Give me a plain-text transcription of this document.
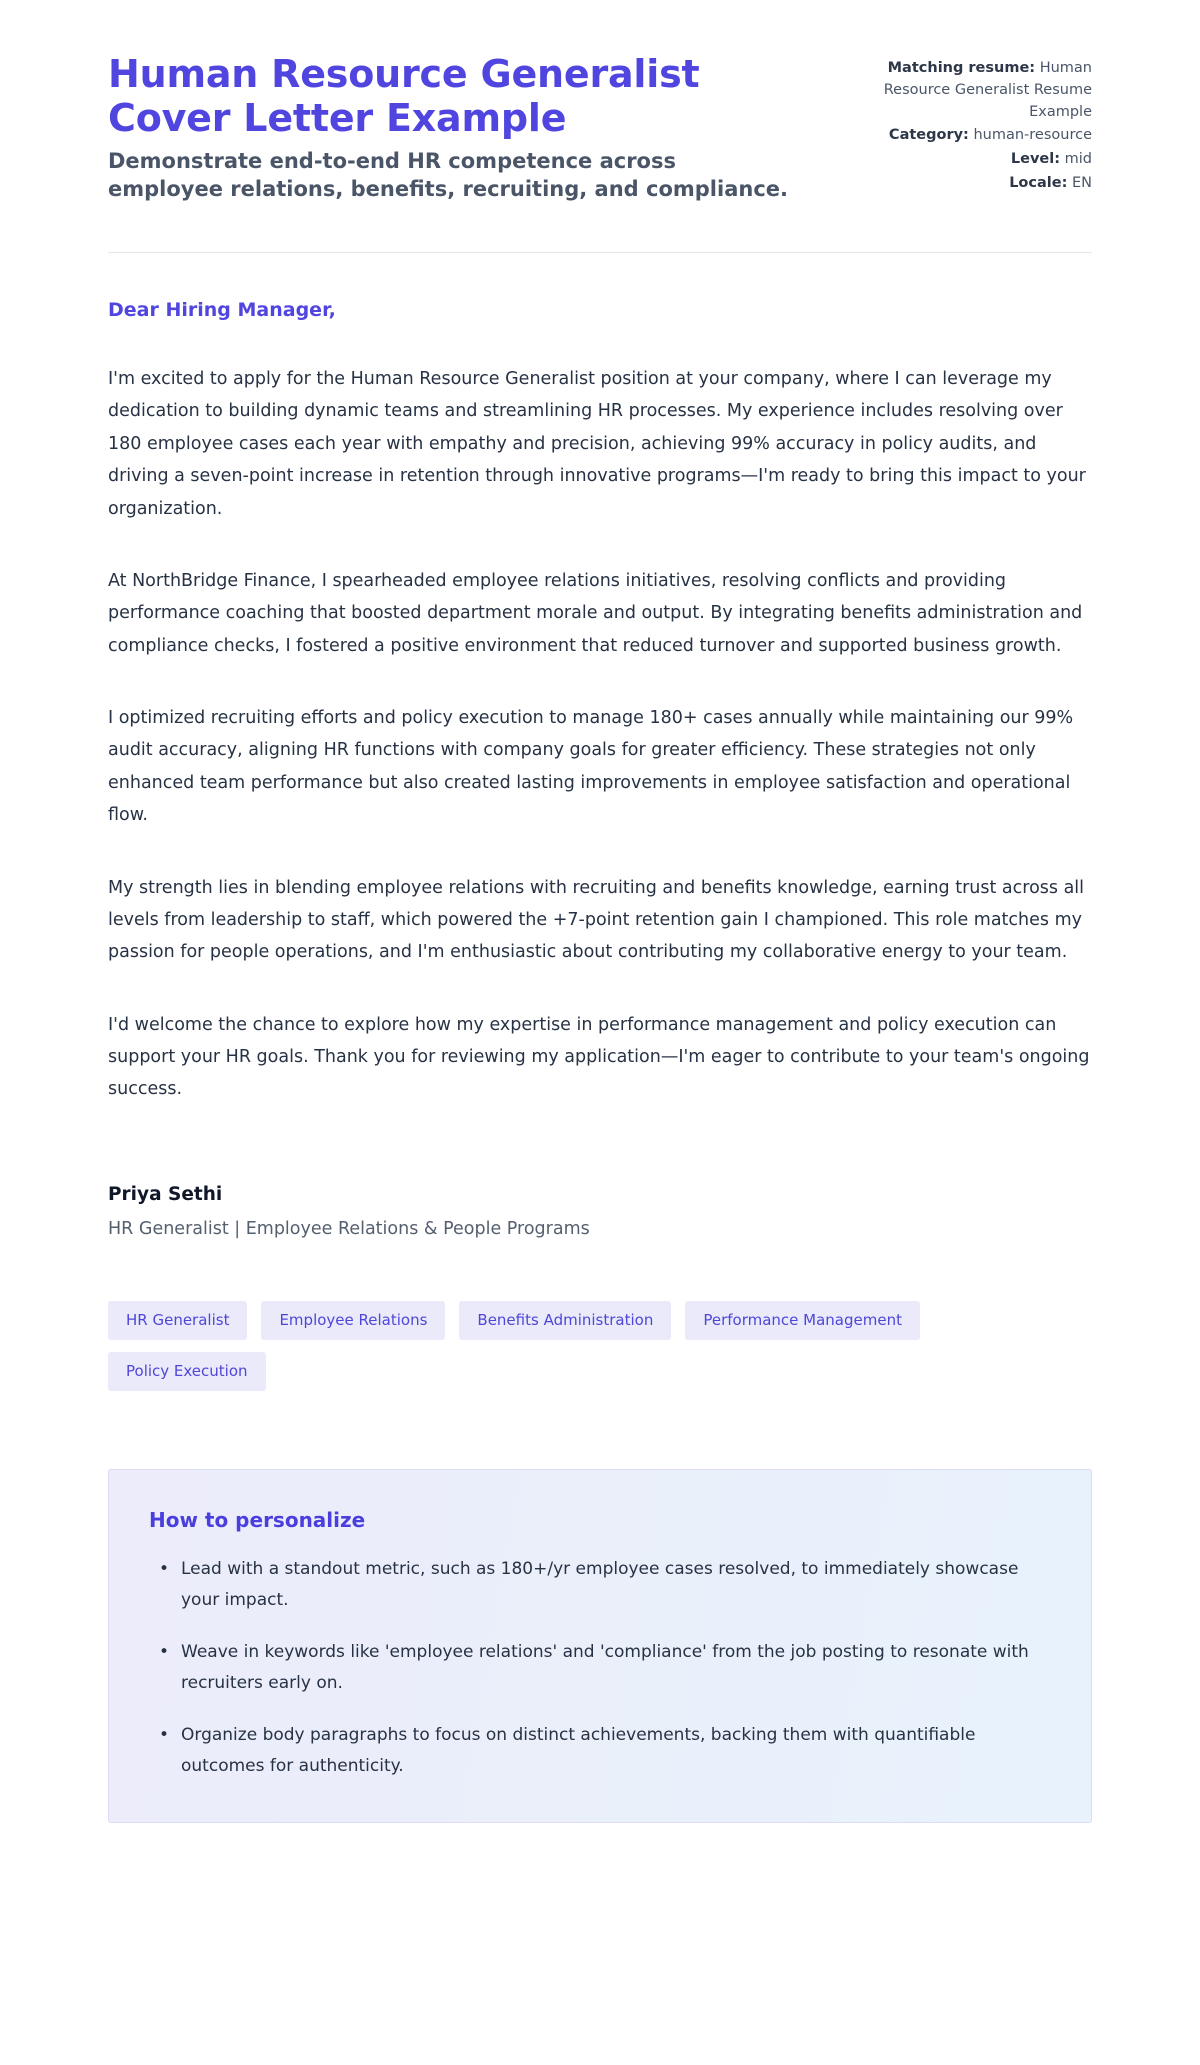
Human Resource Generalist Cover Letter Example

Demonstrate end-to-end HR competence across employee relations, benefits, recruiting, and compliance.

Matching resume: Human Resource Generalist Resume Example
Category: human-resource
Level: mid
Locale: EN

Dear Hiring Manager,

I'm excited to apply for the Human Resource Generalist position at your company, where I can leverage my dedication to building dynamic teams and streamlining HR processes. My experience includes resolving over 180 employee cases each year with empathy and precision, achieving 99% accuracy in policy audits, and driving a seven-point increase in retention through innovative programs—I'm ready to bring this impact to your organization.

At NorthBridge Finance, I spearheaded employee relations initiatives, resolving conflicts and providing performance coaching that boosted department morale and output. By integrating benefits administration and compliance checks, I fostered a positive environment that reduced turnover and supported business growth.

I optimized recruiting efforts and policy execution to manage 180+ cases annually while maintaining our 99% audit accuracy, aligning HR functions with company goals for greater efficiency. These strategies not only enhanced team performance but also created lasting improvements in employee satisfaction and operational flow.

My strength lies in blending employee relations with recruiting and benefits knowledge, earning trust across all levels from leadership to staff, which powered the +7-point retention gain I championed. This role matches my passion for people operations, and I'm enthusiastic about contributing my collaborative energy to your team.

I'd welcome the chance to explore how my expertise in performance management and policy execution can support your HR goals. Thank you for reviewing my application—I'm eager to contribute to your team's ongoing success.

Priya Sethi

HR Generalist | Employee Relations & People Programs

HR Generalist	Employee Relations	Benefits Administration	Performance Management
Policy Execution
How to personalize
• Lead with a standout metric, such as 180+/yr employee cases resolved, to immediately showcase your impact.
• Weave in keywords like 'employee relations' and 'compliance' from the job posting to resonate with recruiters early on.
• Organize body paragraphs to focus on distinct achievements, backing them with quantifiable outcomes for authenticity.
